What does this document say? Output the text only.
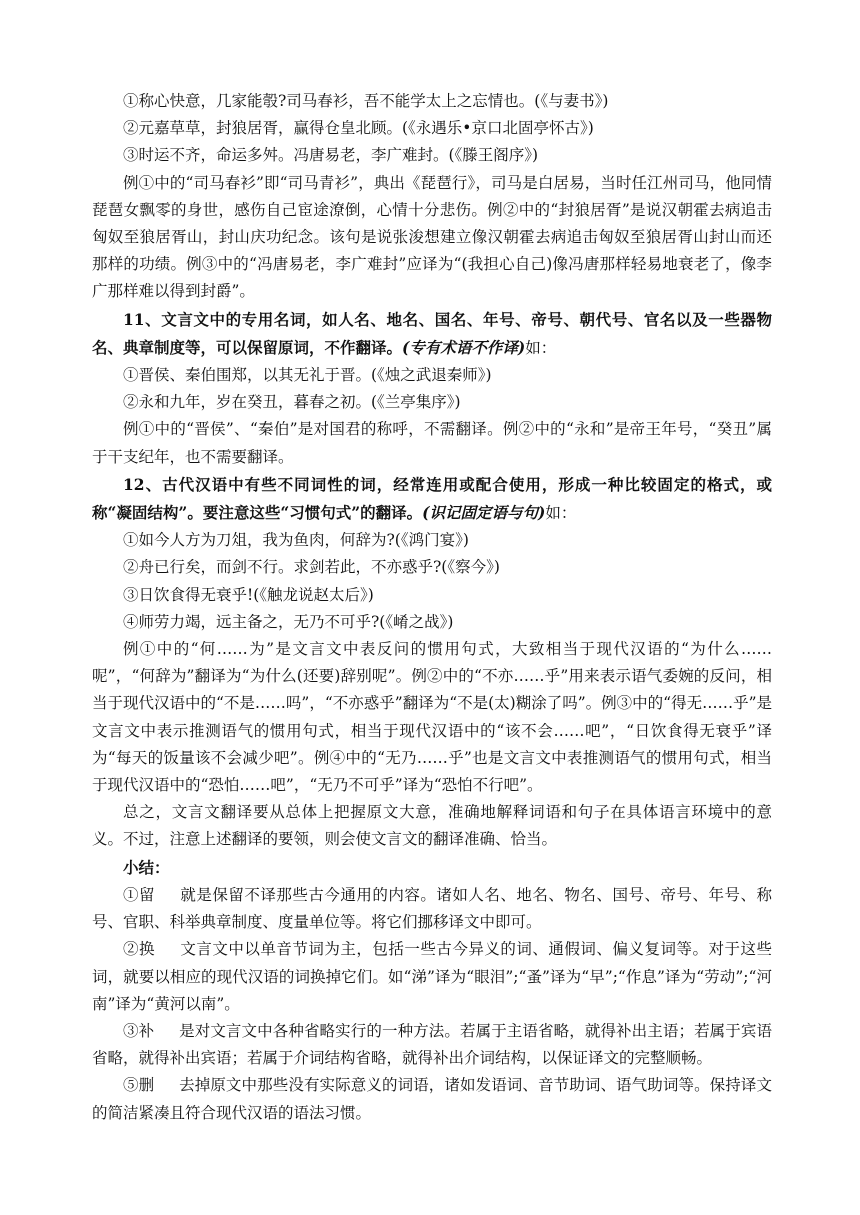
①称心快意，几家能彀?司马春衫，吾不能学太上之忘情也。(《与妻书》)

②元嘉草草，封狼居胥，赢得仓皇北顾。(《永遇乐•京口北固亭怀古》)

③时运不齐，命运多舛。冯唐易老，李广难封。(《滕王阁序》)

例①中的“司马春衫”即“司马青衫”，典出《琵琶行》，司马是白居易，当时任江州司马，他同情琵琶女飘零的身世，感伤自己宦途潦倒，心情十分悲伤。例②中的“封狼居胥”是说汉朝霍去病追击匈奴至狼居胥山，封山庆功纪念。该句是说张浚想建立像汉朝霍去病追击匈奴至狼居胥山封山而还那样的功绩。例③中的“冯唐易老，李广难封”应译为“(我担心自己)像冯唐那样轻易地衰老了，像李广那样难以得到封爵”。

11、文言文中的专用名词，如人名、地名、国名、年号、帝号、朝代号、官名以及一些器物名、典章制度等，可以保留原词，不作翻译。(专有术语不作译)如：

①晋侯、秦伯围郑，以其无礼于晋。(《烛之武退秦师》)

②永和九年，岁在癸丑，暮春之初。(《兰亭集序》)

例①中的“晋侯”、“秦伯”是对国君的称呼，不需翻译。例②中的“永和”是帝王年号，“癸丑”属于干支纪年，也不需要翻译。

12、古代汉语中有些不同词性的词，经常连用或配合使用，形成一种比较固定的格式，或称“凝固结构”。要注意这些“习惯句式”的翻译。(识记固定语与句)如：

①如今人方为刀俎，我为鱼肉，何辞为?(《鸿门宴》)

②舟已行矣，而剑不行。求剑若此，不亦惑乎?(《察今》)

③日饮食得无衰乎!(《触龙说赵太后》)

④师劳力竭，远主备之，无乃不可乎?(《崤之战》)

例①中的“何……为”是文言文中表反问的惯用句式，大致相当于现代汉语的“为什么……呢”，“何辞为”翻译为“为什么(还要)辞别呢”。例②中的“不亦……乎”用来表示语气委婉的反问，相当于现代汉语中的“不是……吗”，“不亦惑乎”翻译为“不是(太)糊涂了吗”。例③中的“得无……乎”是文言文中表示推测语气的惯用句式，相当于现代汉语中的“该不会……吧”，“日饮食得无衰乎”译为“每天的饭量该不会减少吧”。例④中的“无乃……乎”也是文言文中表推测语气的惯用句式，相当于现代汉语中的“恐怕……吧”，“无乃不可乎”译为“恐怕不行吧”。

总之，文言文翻译要从总体上把握原文大意，准确地解释词语和句子在具体语言环境中的意义。不过，注意上述翻译的要领，则会使文言文的翻译准确、恰当。

小结：

①留 就是保留不译那些古今通用的内容。诸如人名、地名、物名、国号、帝号、年号、称号、官职、科举典章制度、度量单位等。将它们挪移译文中即可。

②换 文言文中以单音节词为主，包括一些古今异义的词、通假词、偏义复词等。对于这些词，就要以相应的现代汉语的词换掉它们。如“涕”译为“眼泪”;“蚤”译为“早”;“作息”译为“劳动”;“河南”译为“黄河以南”。

③补 是对文言文中各种省略实行的一种方法。若属于主语省略，就得补出主语；若属于宾语省略，就得补出宾语；若属于介词结构省略，就得补出介词结构，以保证译文的完整顺畅。

⑤删 去掉原文中那些没有实际意义的词语，诸如发语词、音节助词、语气助词等。保持译文的简洁紧凑且符合现代汉语的语法习惯。
